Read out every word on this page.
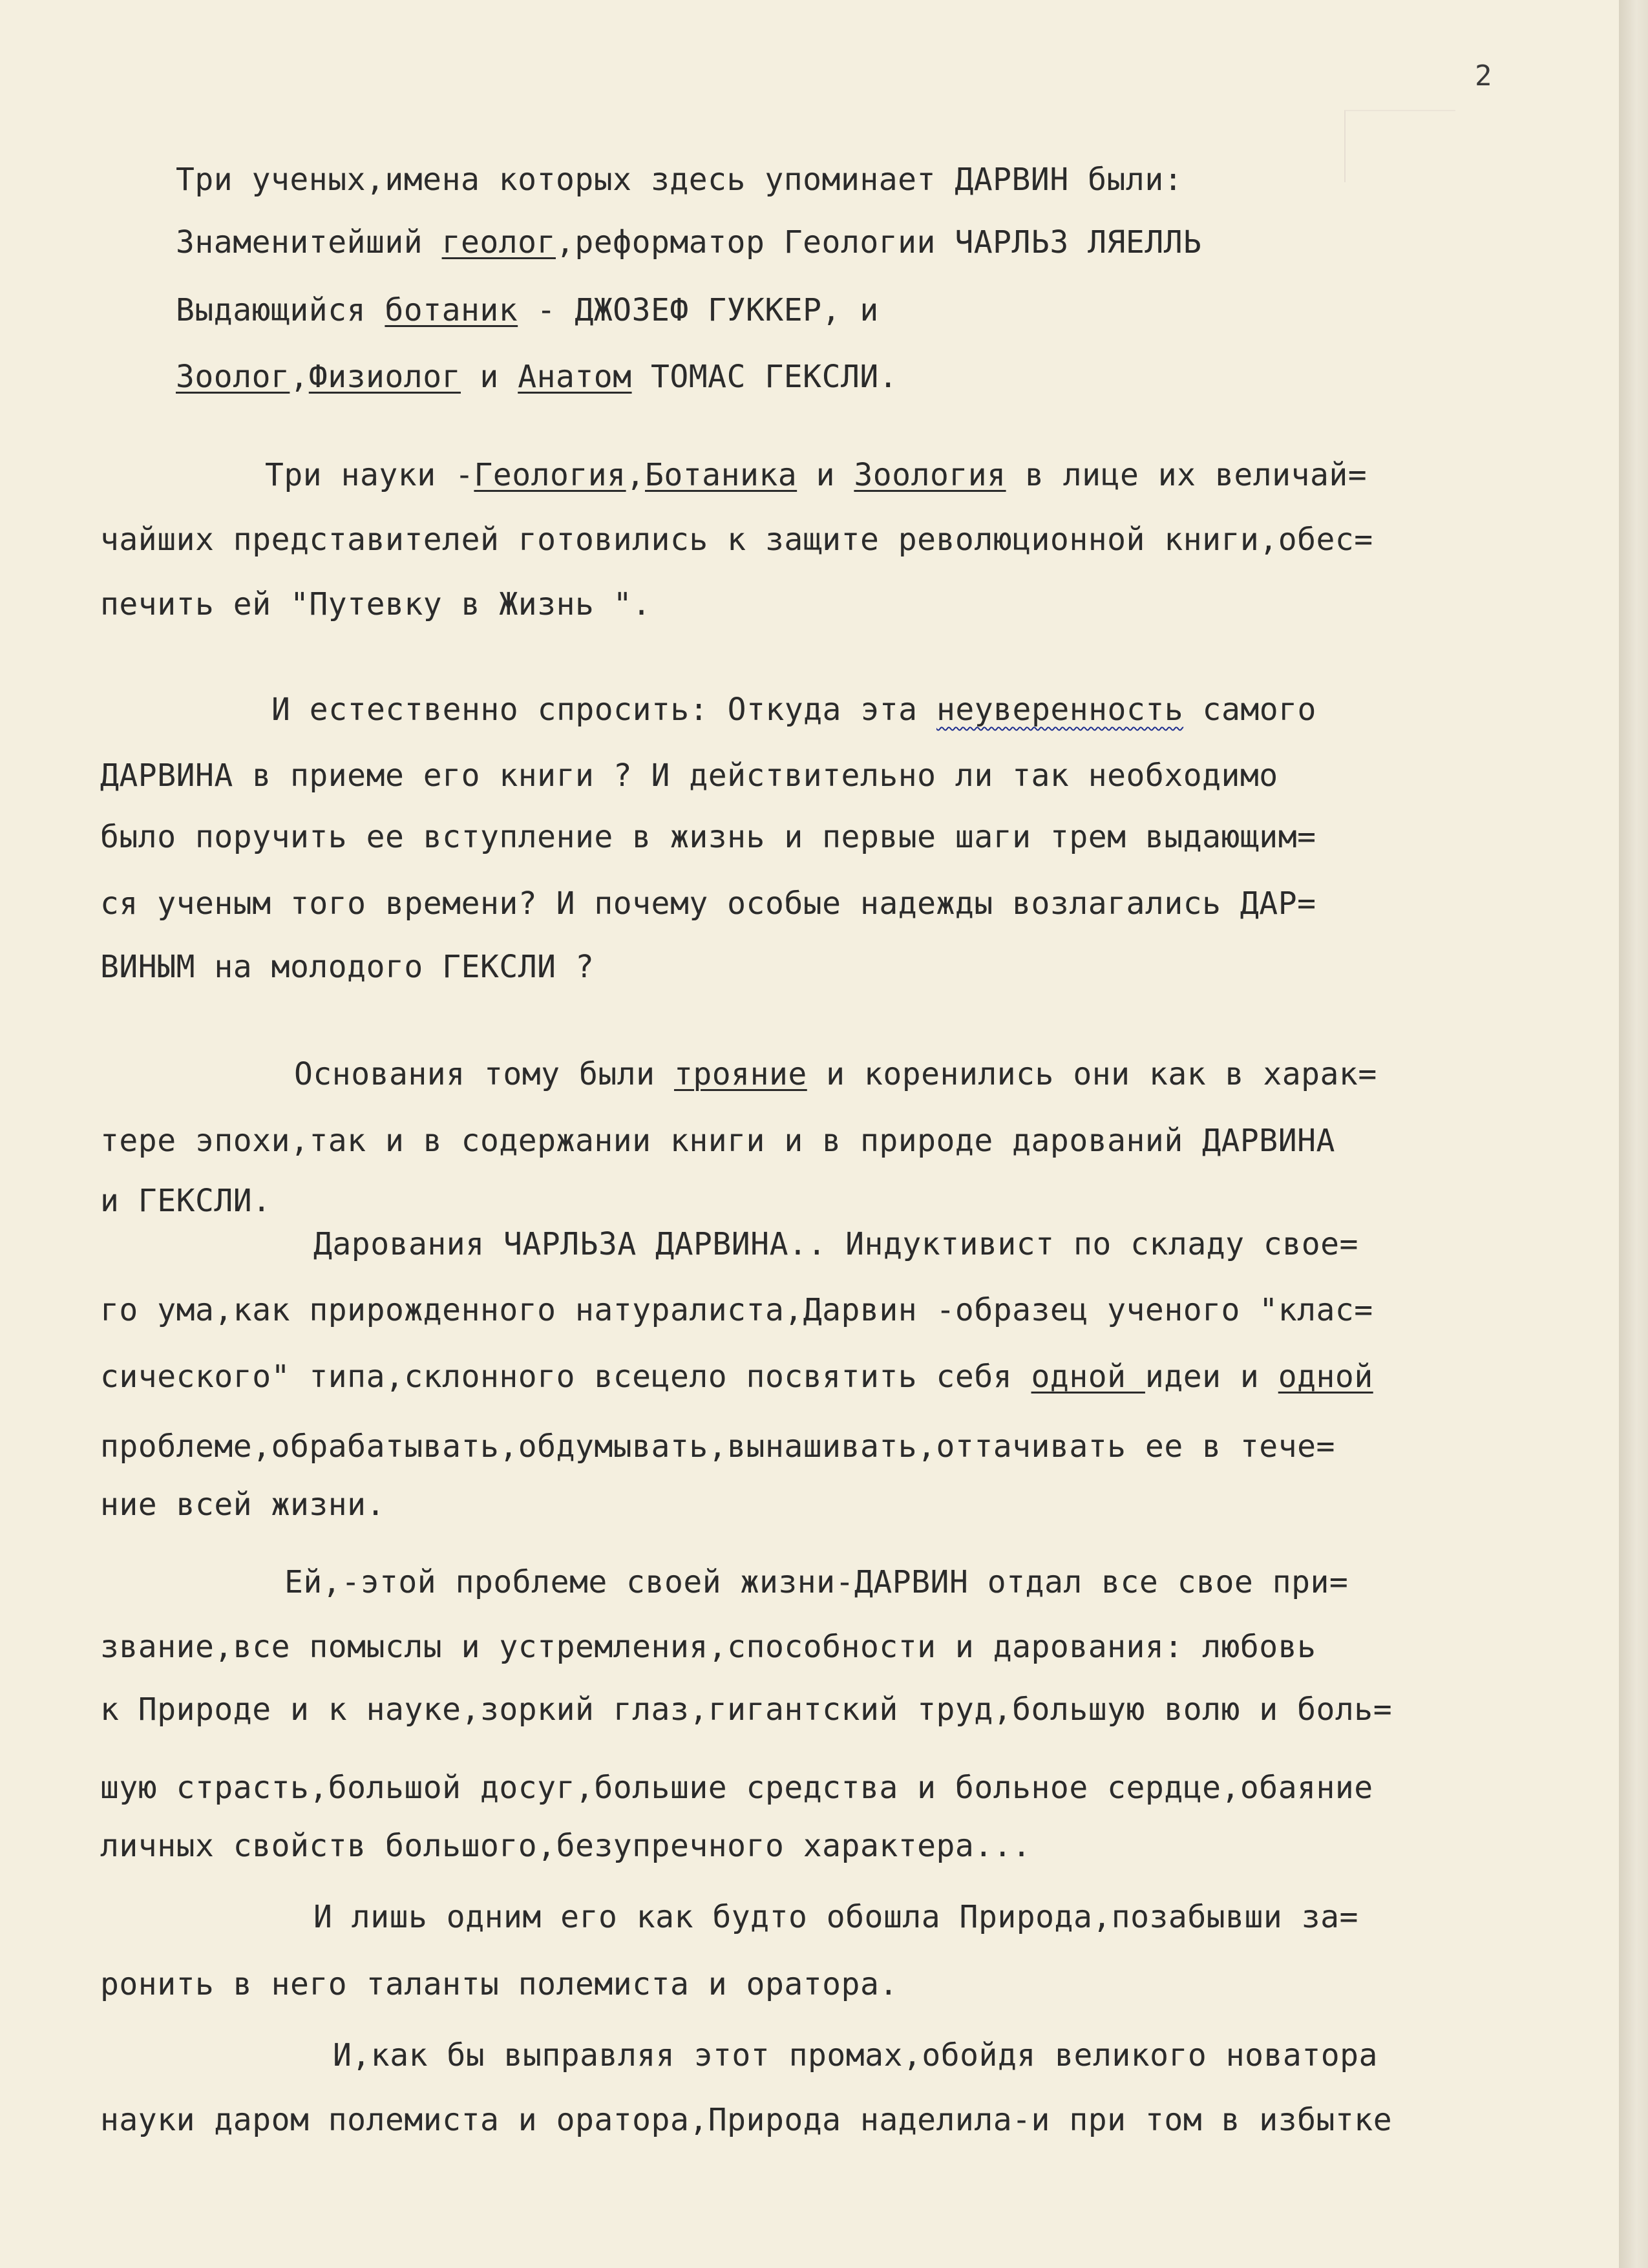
2
Три ученых,имена которых здесь упоминает ДАРВИН были:
Знаменитейший геолог,реформатор Геологии ЧАРЛЬЗ ЛЯЕЛЛЬ
Выдающийся ботаник - ДЖОЗЕФ ГУККЕР, и
Зоолог,Физиолог и Анатом ТОМАС ГЕКСЛИ.
Три науки -Геология,Ботаника и Зоология в лице их величай=
чайших представителей готовились к защите революционной книги,обес=
печить ей "Путевку в Жизнь ".
И естественно спросить: Откуда эта неуверенность самого
ДАРВИНА в приеме его книги ? И действительно ли так необходимо
было поручить ее вступление в жизнь и первые шаги трем выдающим=
ся ученым того времени? И почему особые надежды возлагались ДАР=
ВИНЫМ на молодого ГЕКСЛИ ?
Основания тому были трояние и коренились они как в харак=
тере эпохи,так и в содержании книги и в природе дарований ДАРВИНА
и ГЕКСЛИ.
Дарования ЧАРЛЬЗА ДАРВИНА.. Индуктивист по складу свое=
го ума,как прирожденного натуралиста,Дарвин -образец ученого "клас=
сического" типа,склонного всецело посвятить себя одной идеи и одной
проблеме,обрабатывать,обдумывать,вынашивать,оттачивать ее в тече=
ние всей жизни.
Ей,-этой проблеме своей жизни-ДАРВИН отдал все свое при=
звание,все помыслы и устремления,способности и дарования: любовь
к Природе и к науке,зоркий глаз,гигантский труд,большую волю и боль=
шую страсть,большой досуг,большие средства и больное сердце,обаяние
личных свойств большого,безупречного характера...
И лишь одним его как будто обошла Природа,позабывши за=
ронить в него таланты полемиста и оратора.
И,как бы выправляя этот промах,обойдя великого новатора
науки даром полемиста и оратора,Природа наделила-и при том в избытке
